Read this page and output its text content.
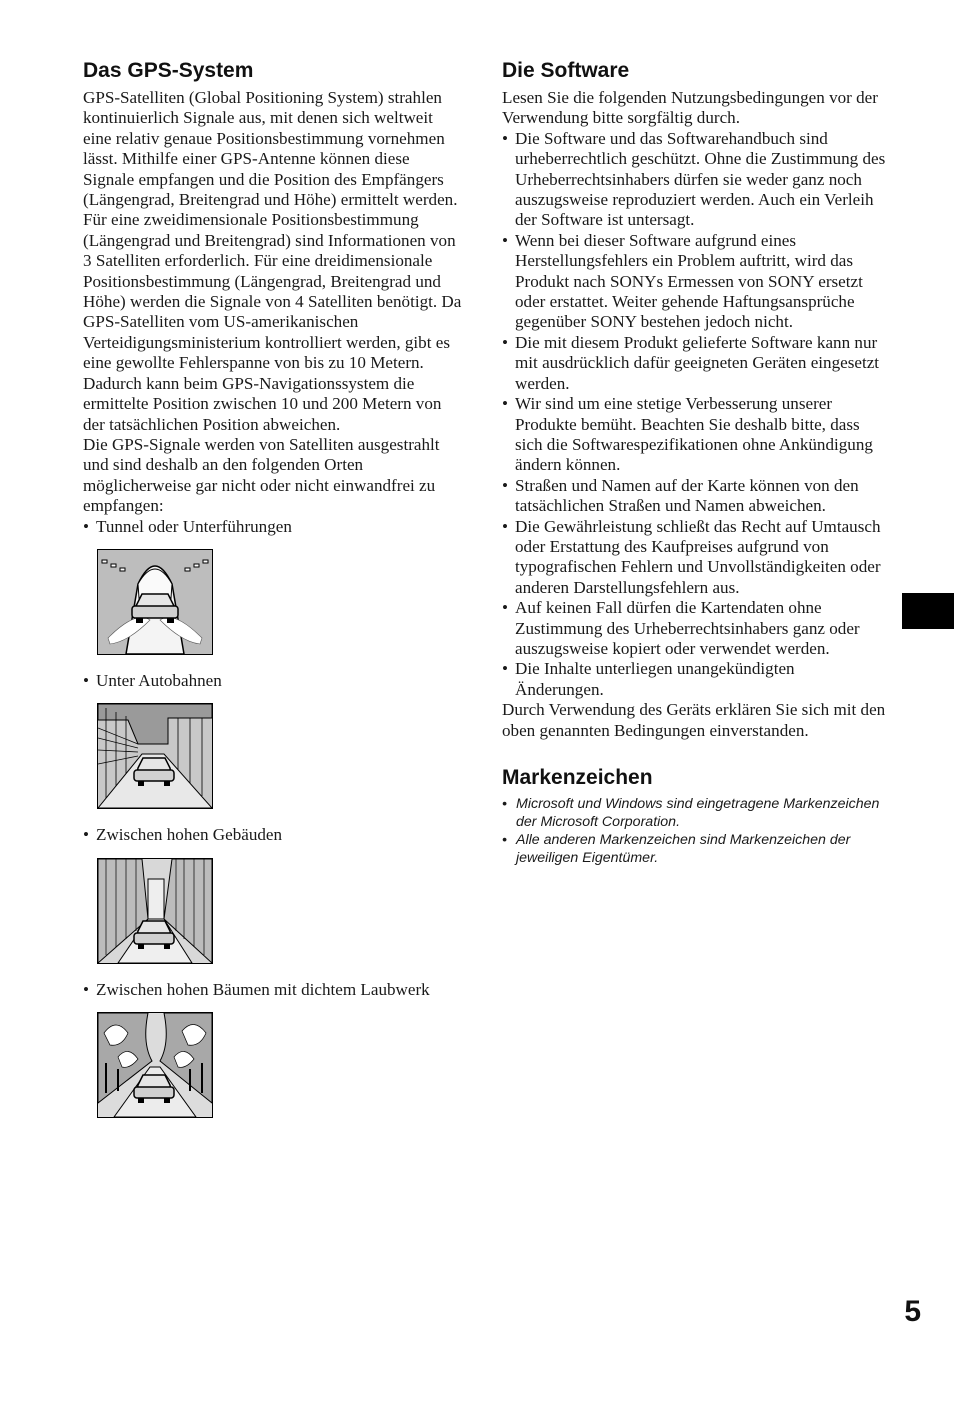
Das GPS-System

GPS-Satelliten (Global Positioning System) strahlen kontinuierlich Signale aus, mit denen sich weltweit eine relativ genaue Positionsbestimmung vornehmen lässt. Mithilfe einer GPS-Antenne können diese Signale empfangen und die Position des Empfängers (Längengrad, Breitengrad und Höhe) ermittelt werden. Für eine zweidimensionale Positionsbestimmung (Längengrad und Breitengrad) sind Informationen von 3 Satelliten erforderlich. Für eine dreidimensionale Positionsbestimmung (Längengrad, Breitengrad und Höhe) werden die Signale von 4 Satelliten benötigt. Da GPS-Satelliten vom US-amerikanischen Verteidigungsministerium kontrolliert werden, gibt es eine gewollte Fehlerspanne von bis zu 10 Metern. Dadurch kann beim GPS-Navigationssystem die ermittelte Position zwischen 10 und 200 Metern von der tatsächlichen Position abweichen.

Die GPS-Signale werden von Satelliten ausgestrahlt und sind deshalb an den folgenden Orten möglicherweise gar nicht oder nicht einwandfrei zu empfangen:

• Tunnel oder Unterführungen
• Unter Autobahnen
• Zwischen hohen Gebäuden
• Zwischen hohen Bäumen mit dichtem Laubwerk
Die Software

Lesen Sie die folgenden Nutzungsbedingungen vor der Verwendung bitte sorgfältig durch.

• Die Software und das Softwarehandbuch sind urheberrechtlich geschützt. Ohne die Zustimmung des Urheberrechtsinhabers dürfen sie weder ganz noch auszugsweise reproduziert werden. Auch ein Verleih der Software ist untersagt.
• Wenn bei dieser Software aufgrund eines Herstellungsfehlers ein Problem auftritt, wird das Produkt nach SONYs Ermessen von SONY ersetzt oder erstattet. Weiter gehende Haftungsansprüche gegenüber SONY bestehen jedoch nicht.
• Die mit diesem Produkt gelieferte Software kann nur mit ausdrücklich dafür geeigneten Geräten eingesetzt werden.
• Wir sind um eine stetige Verbesserung unserer Produkte bemüht. Beachten Sie deshalb bitte, dass sich die Softwarespezifikationen ohne Ankündigung ändern können.
• Straßen und Namen auf der Karte können von den tatsächlichen Straßen und Namen abweichen.
• Die Gewährleistung schließt das Recht auf Umtausch oder Erstattung des Kaufpreises aufgrund von typografischen Fehlern und Unvollständigkeiten oder anderen Darstellungsfehlern aus.
• Auf keinen Fall dürfen die Kartendaten ohne Zustimmung des Urheberrechtsinhabers ganz oder auszugsweise kopiert oder verwendet werden.
• Die Inhalte unterliegen unangekündigten Änderungen.

Durch Verwendung des Geräts erklären Sie sich mit den oben genannten Bedingungen einverstanden.

Markenzeichen
• Microsoft und Windows sind eingetragene Markenzeichen der Microsoft Corporation.
• Alle anderen Markenzeichen sind Markenzeichen der jeweiligen Eigentümer.
5
